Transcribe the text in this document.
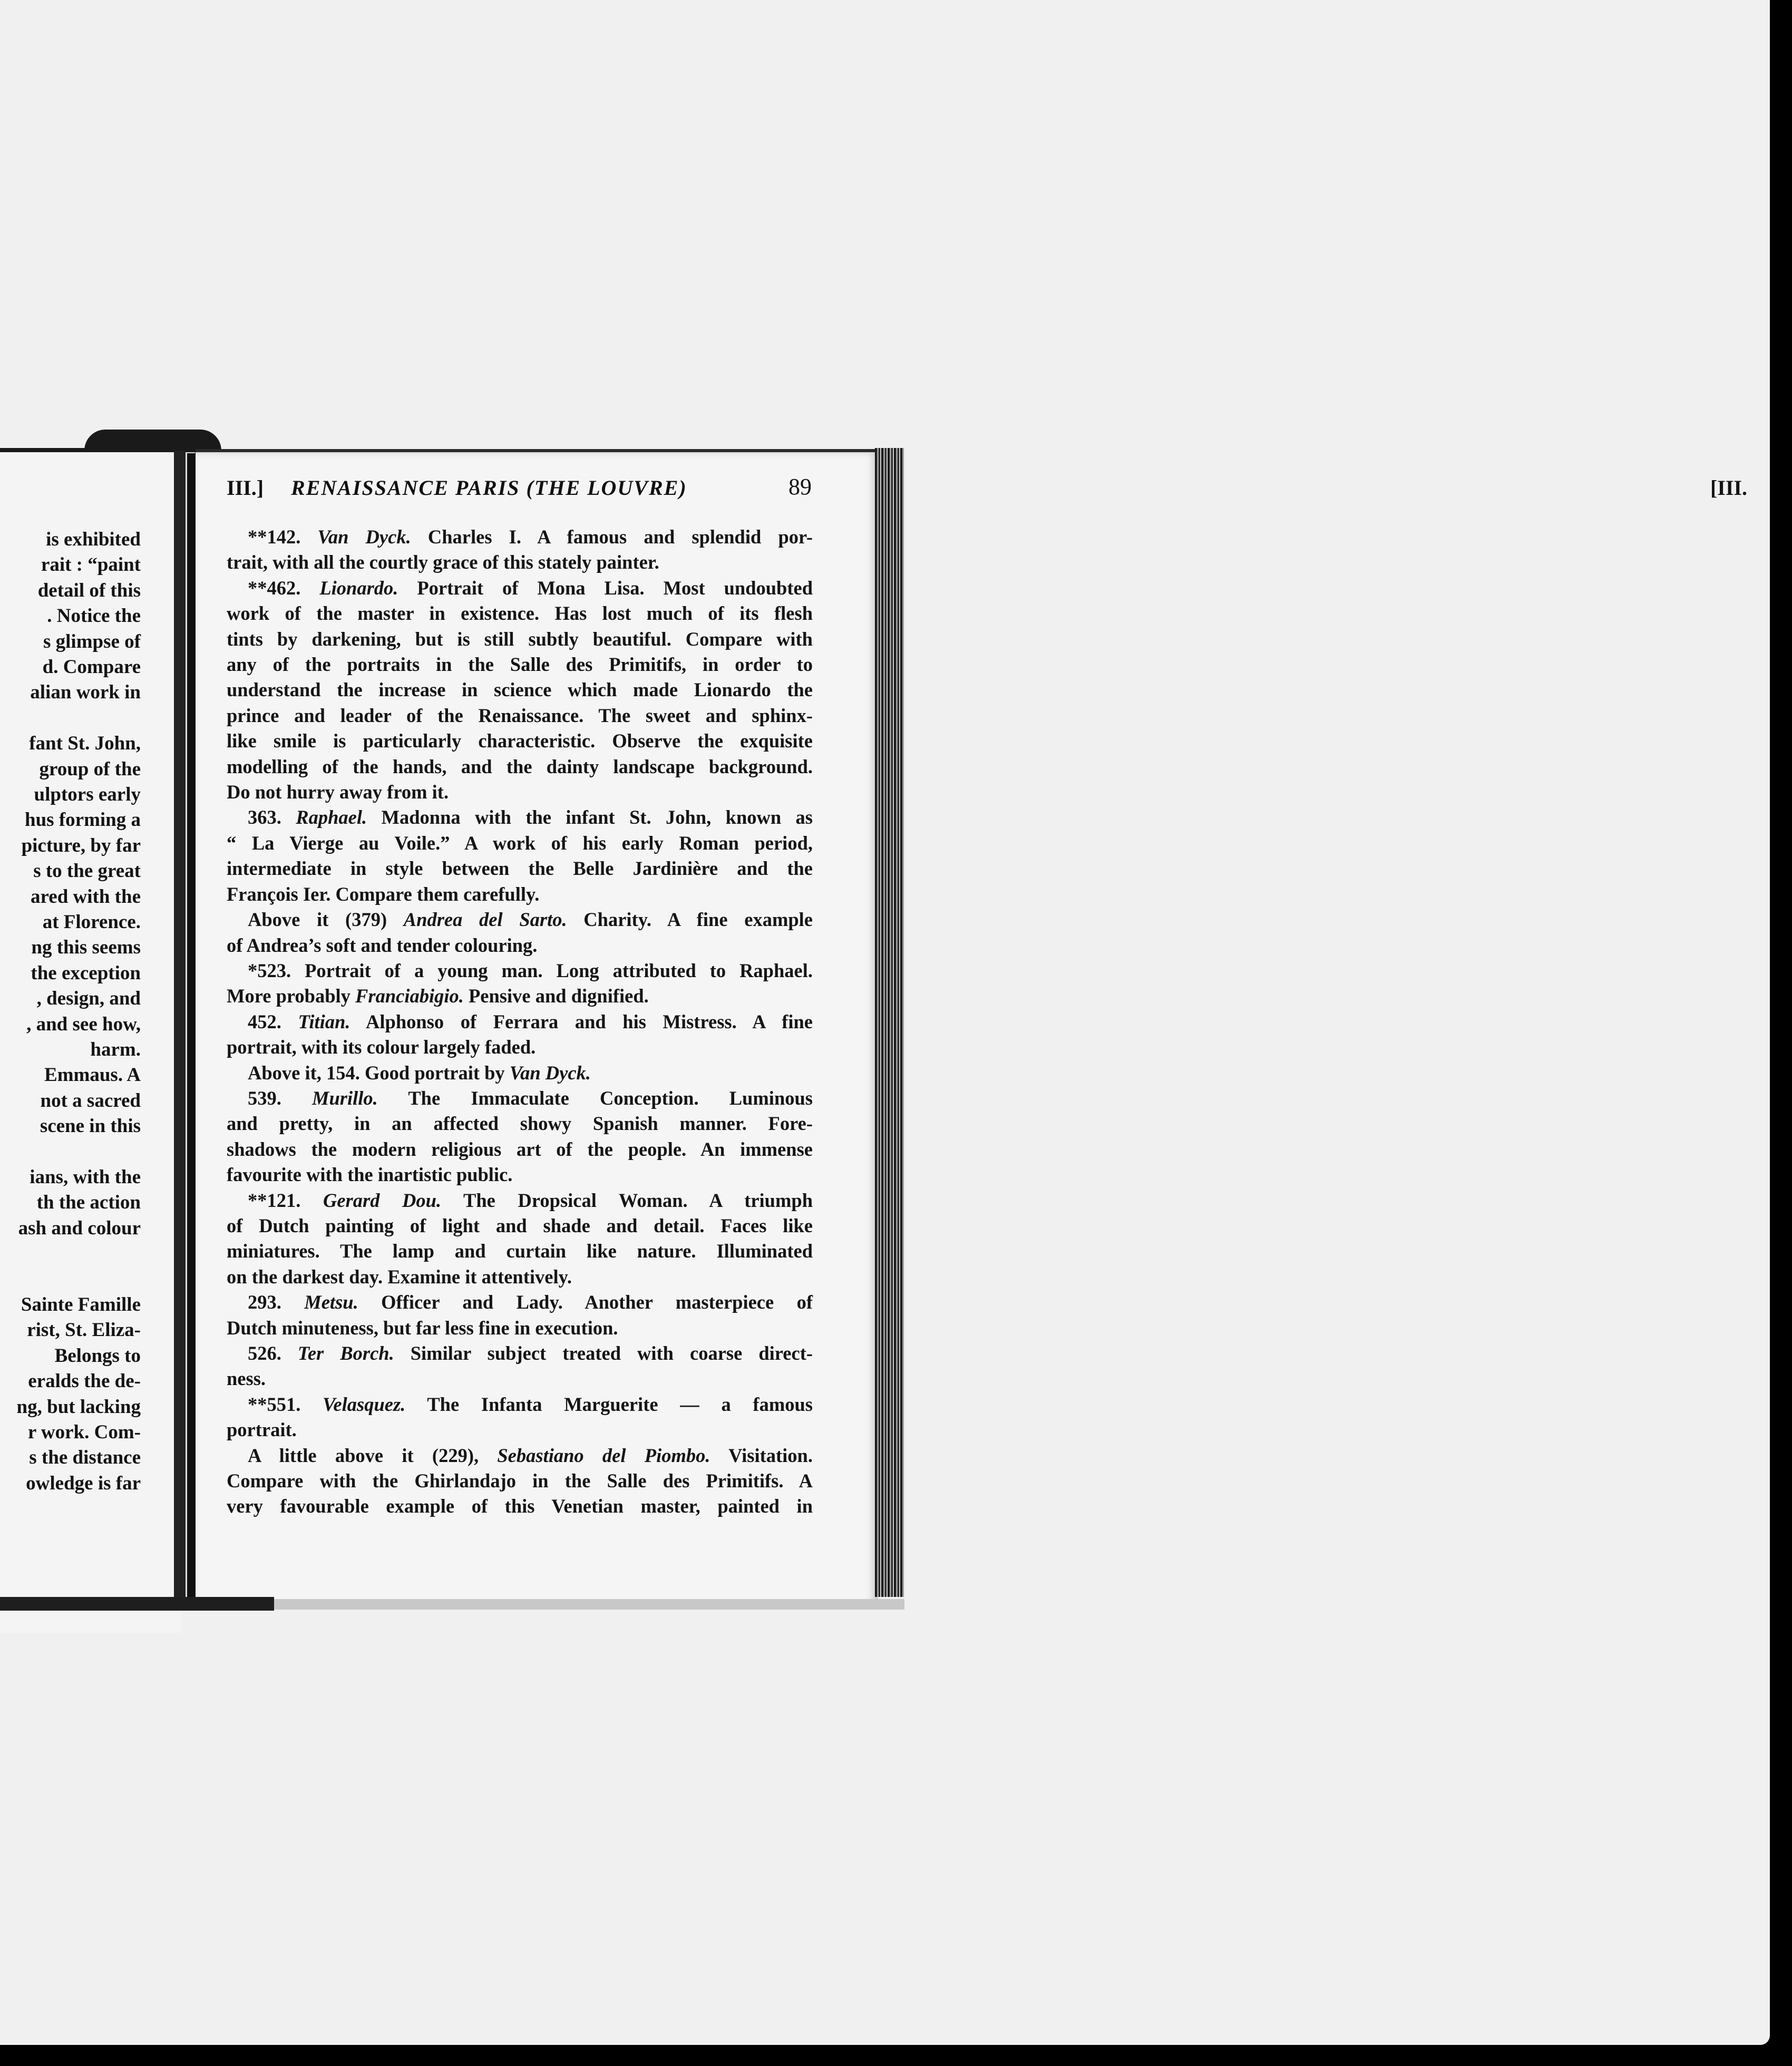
[III.
is exhibited
rait : “paint
detail of this
. Notice the
s glimpse of
d. Compare
alian work in
fant St. John,
group of the
ulptors early
hus forming a
picture, by far
s to the great
ared with the
at Florence.
ng this seems
the exception
, design, and
, and see how,
harm.
Emmaus. A
not a sacred
scene in this
ians, with the
th the action
ash and colour
Sainte Famille
rist, St. Eliza-
Belongs to
eralds the de-
ng, but lacking
r work. Com-
s the distance
owledge is far
III.] RENAISSANCE PARIS (THE LOUVRE)	89
**142. Van Dyck. Charles I. A famous and splendid por-
trait, with all the courtly grace of this stately painter.
**462. Lionardo. Portrait of Mona Lisa. Most undoubted
work of the master in existence. Has lost much of its flesh
tints by darkening, but is still subtly beautiful. Compare with
any of the portraits in the Salle des Primitifs, in order to
understand the increase in science which made Lionardo the
prince and leader of the Renaissance. The sweet and sphinx-
like smile is particularly characteristic. Observe the exquisite
modelling of the hands, and the dainty landscape background.
Do not hurry away from it.
363. Raphael. Madonna with the infant St. John, known as
“ La Vierge au Voile.” A work of his early Roman period,
intermediate in style between the Belle Jardinière and the
François Ier. Compare them carefully.
Above it (379) Andrea del Sarto. Charity. A fine example
of Andrea’s soft and tender colouring.
*523. Portrait of a young man. Long attributed to Raphael.
More probably Franciabigio. Pensive and dignified.
452. Titian. Alphonso of Ferrara and his Mistress. A fine
portrait, with its colour largely faded.
Above it, 154. Good portrait by Van Dyck.
539. Murillo. The Immaculate Conception. Luminous
and pretty, in an affected showy Spanish manner. Fore-
shadows the modern religious art of the people. An immense
favourite with the inartistic public.
**121. Gerard Dou. The Dropsical Woman. A triumph
of Dutch painting of light and shade and detail. Faces like
miniatures. The lamp and curtain like nature. Illuminated
on the darkest day. Examine it attentively.
293. Metsu. Officer and Lady. Another masterpiece of
Dutch minuteness, but far less fine in execution.
526. Ter Borch. Similar subject treated with coarse direct-
ness.
**551. Velasquez. The Infanta Marguerite — a famous
portrait.
A little above it (229), Sebastiano del Piombo. Visitation.
Compare with the Ghirlandajo in the Salle des Primitifs. A
very favourable example of this Venetian master, painted in
